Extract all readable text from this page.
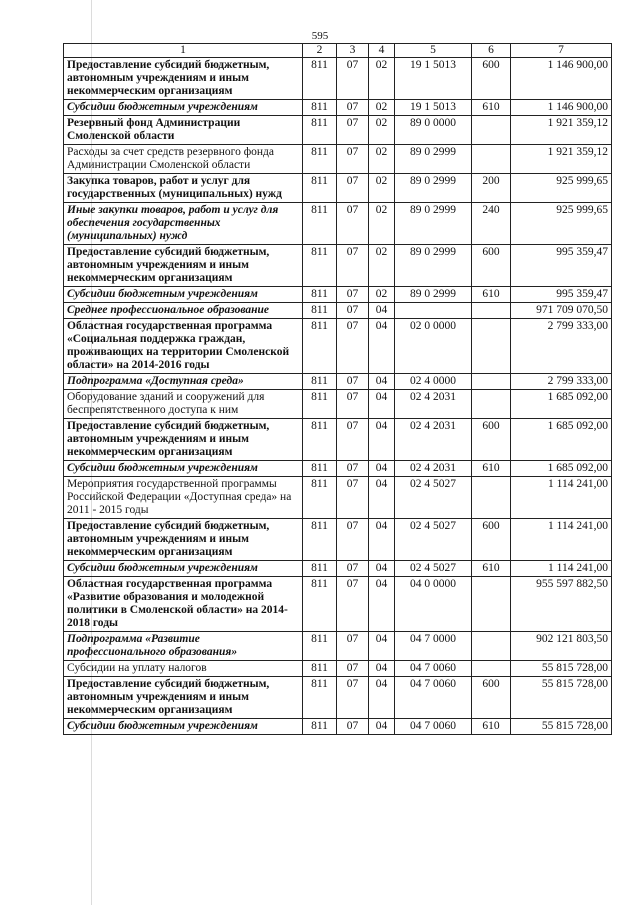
595
1	2	3	4	5	6	7
Предоставление субсидий бюджетным, автономным учреждениям и иным некоммерческим организациям	811	07	02	19 1 5013	600	1 146 900,00
Субсидии бюджетным учреждениям	811	07	02	19 1 5013	610	1 146 900,00
Резервный фонд Администрации Смоленской области	811	07	02	89 0 0000		1 921 359,12
Расходы за счет средств резервного фонда Администрации Смоленской области	811	07	02	89 0 2999		1 921 359,12
Закупка товаров, работ и услуг для государственных (муниципальных) нужд	811	07	02	89 0 2999	200	925 999,65
Иные закупки товаров, работ и услуг для обеспечения государственных (муниципальных) нужд	811	07	02	89 0 2999	240	925 999,65
Предоставление субсидий бюджетным, автономным учреждениям и иным некоммерческим организациям	811	07	02	89 0 2999	600	995 359,47
Субсидии бюджетным учреждениям	811	07	02	89 0 2999	610	995 359,47
Среднее профессиональное образование	811	07	04			971 709 070,50
Областная государственная программа «Социальная поддержка граждан, проживающих на территории Смоленской области» на 2014-2016 годы	811	07	04	02 0 0000		2 799 333,00
Подпрограмма «Доступная среда»	811	07	04	02 4 0000		2 799 333,00
Оборудование зданий и сооружений для беспрепятственного доступа к ним	811	07	04	02 4 2031		1 685 092,00
Предоставление субсидий бюджетным, автономным учреждениям и иным некоммерческим организациям	811	07	04	02 4 2031	600	1 685 092,00
Субсидии бюджетным учреждениям	811	07	04	02 4 2031	610	1 685 092,00
Мероприятия государственной программы Российской Федерации «Доступная среда» на 2011 - 2015 годы	811	07	04	02 4 5027		1 114 241,00
Предоставление субсидий бюджетным, автономным учреждениям и иным некоммерческим организациям	811	07	04	02 4 5027	600	1 114 241,00
Субсидии бюджетным учреждениям	811	07	04	02 4 5027	610	1 114 241,00
Областная государственная программа «Развитие образования и молодежной политики в Смоленской области» на 2014-2018 годы	811	07	04	04 0 0000		955 597 882,50
Подпрограмма «Развитие профессионального образования»	811	07	04	04 7 0000		902 121 803,50
Субсидии на уплату налогов	811	07	04	04 7 0060		55 815 728,00
Предоставление субсидий бюджетным, автономным учреждениям и иным некоммерческим организациям	811	07	04	04 7 0060	600	55 815 728,00
Субсидии бюджетным учреждениям	811	07	04	04 7 0060	610	55 815 728,00
